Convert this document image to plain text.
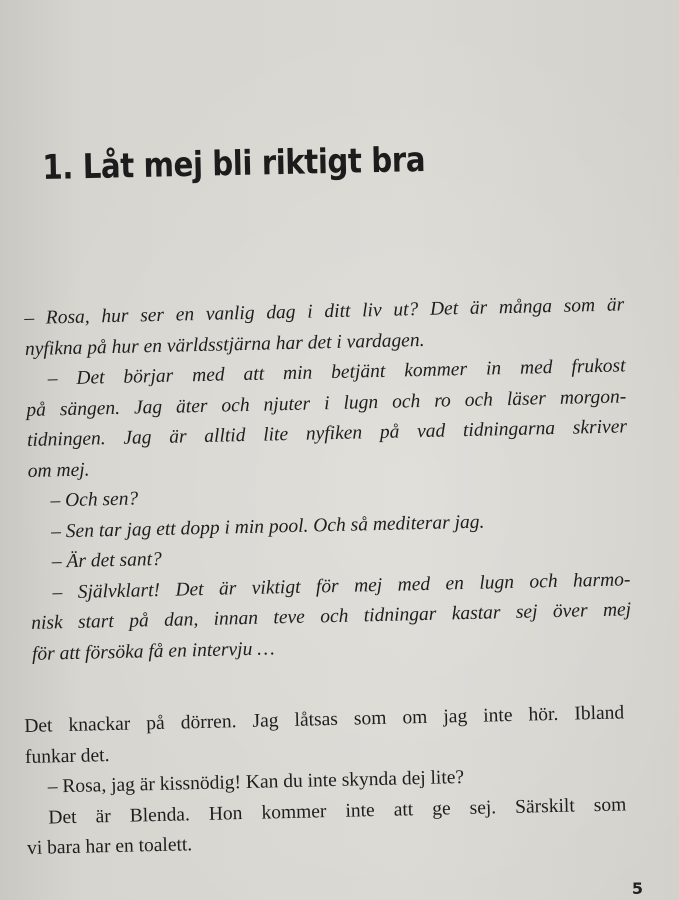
1. Låt mej bli riktigt bra
– Rosa, hur ser en vanlig dag i ditt liv ut? Det är många som är
nyfikna på hur en världsstjärna har det i vardagen.
– Det börjar med att min betjänt kommer in med frukost
på sängen. Jag äter och njuter i lugn och ro och läser morgon-
tidningen. Jag är alltid lite nyfiken på vad tidningarna skriver
om mej.
– Och sen?
– Sen tar jag ett dopp i min pool. Och så mediterar jag.
– Är det sant?
– Självklart! Det är viktigt för mej med en lugn och harmo-
nisk start på dan, innan teve och tidningar kastar sej över mej
för att försöka få en intervju …
Det knackar på dörren. Jag låtsas som om jag inte hör. Ibland
funkar det.
– Rosa, jag är kissnödig! Kan du inte skynda dej lite?
Det är Blenda. Hon kommer inte att ge sej. Särskilt som
vi bara har en toalett.
5
